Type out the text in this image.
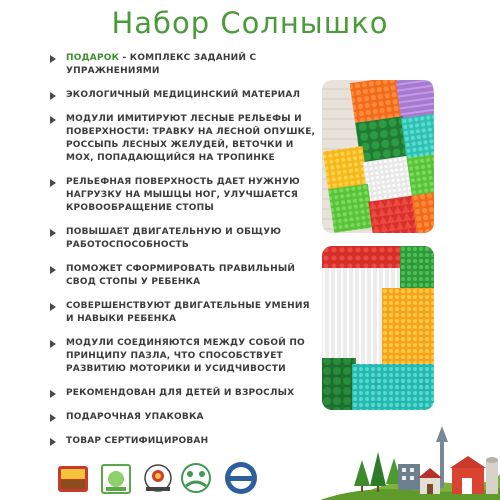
Набор Солнышко
ПОДАРОК - КОМПЛЕКС ЗАДАНИЙ С УПРАЖНЕНИЯМИ
ЭКОЛОГИЧНЫЙ МЕДИЦИНСКИЙ МАТЕРИАЛ
МОДУЛИ ИМИТИРУЮТ ЛЕСНЫЕ РЕЛЬЕФЫ И ПОВЕРХНОСТИ: ТРАВКУ НА ЛЕСНОЙ ОПУШКЕ, РОССЫПЬ ЛЕСНЫХ ЖЕЛУДЕЙ, ВЕТОЧКИ И МОХ, ПОПАДАЮЩИЙСЯ НА ТРОПИНКЕ
РЕЛЬЕФНАЯ ПОВЕРХНОСТЬ ДАЕТ НУЖНУЮ НАГРУЗКУ НА МЫШЦЫ НОГ, УЛУЧШАЕТСЯ КРОВООБРАЩЕНИЕ СТОПЫ
ПОВЫШАЕТ ДВИГАТЕЛЬНУЮ И ОБЩУЮ РАБОТОСПОСОБНОСТЬ
ПОМОЖЕТ СФОРМИРОВАТЬ ПРАВИЛЬНЫЙ СВОД СТОПЫ У РЕБЕНКА
СОВЕРШЕНСТВУЮТ ДВИГАТЕЛЬНЫЕ УМЕНИЯ И НАВЫКИ РЕБЕНКА
МОДУЛИ СОЕДИНЯЮТСЯ МЕЖДУ СОБОЙ ПО ПРИНЦИПУ ПАЗЛА, ЧТО СПОСОБСТВУЕТ РАЗВИТИЮ МОТОРИКИ И УСИДЧИВОСТИ
РЕКОМЕНДОВАН ДЛЯ ДЕТЕЙ И ВЗРОСЛЫХ
ПОДАРОЧНАЯ УПАКОВКА
ТОВАР СЕРТИФИЦИРОВАН
